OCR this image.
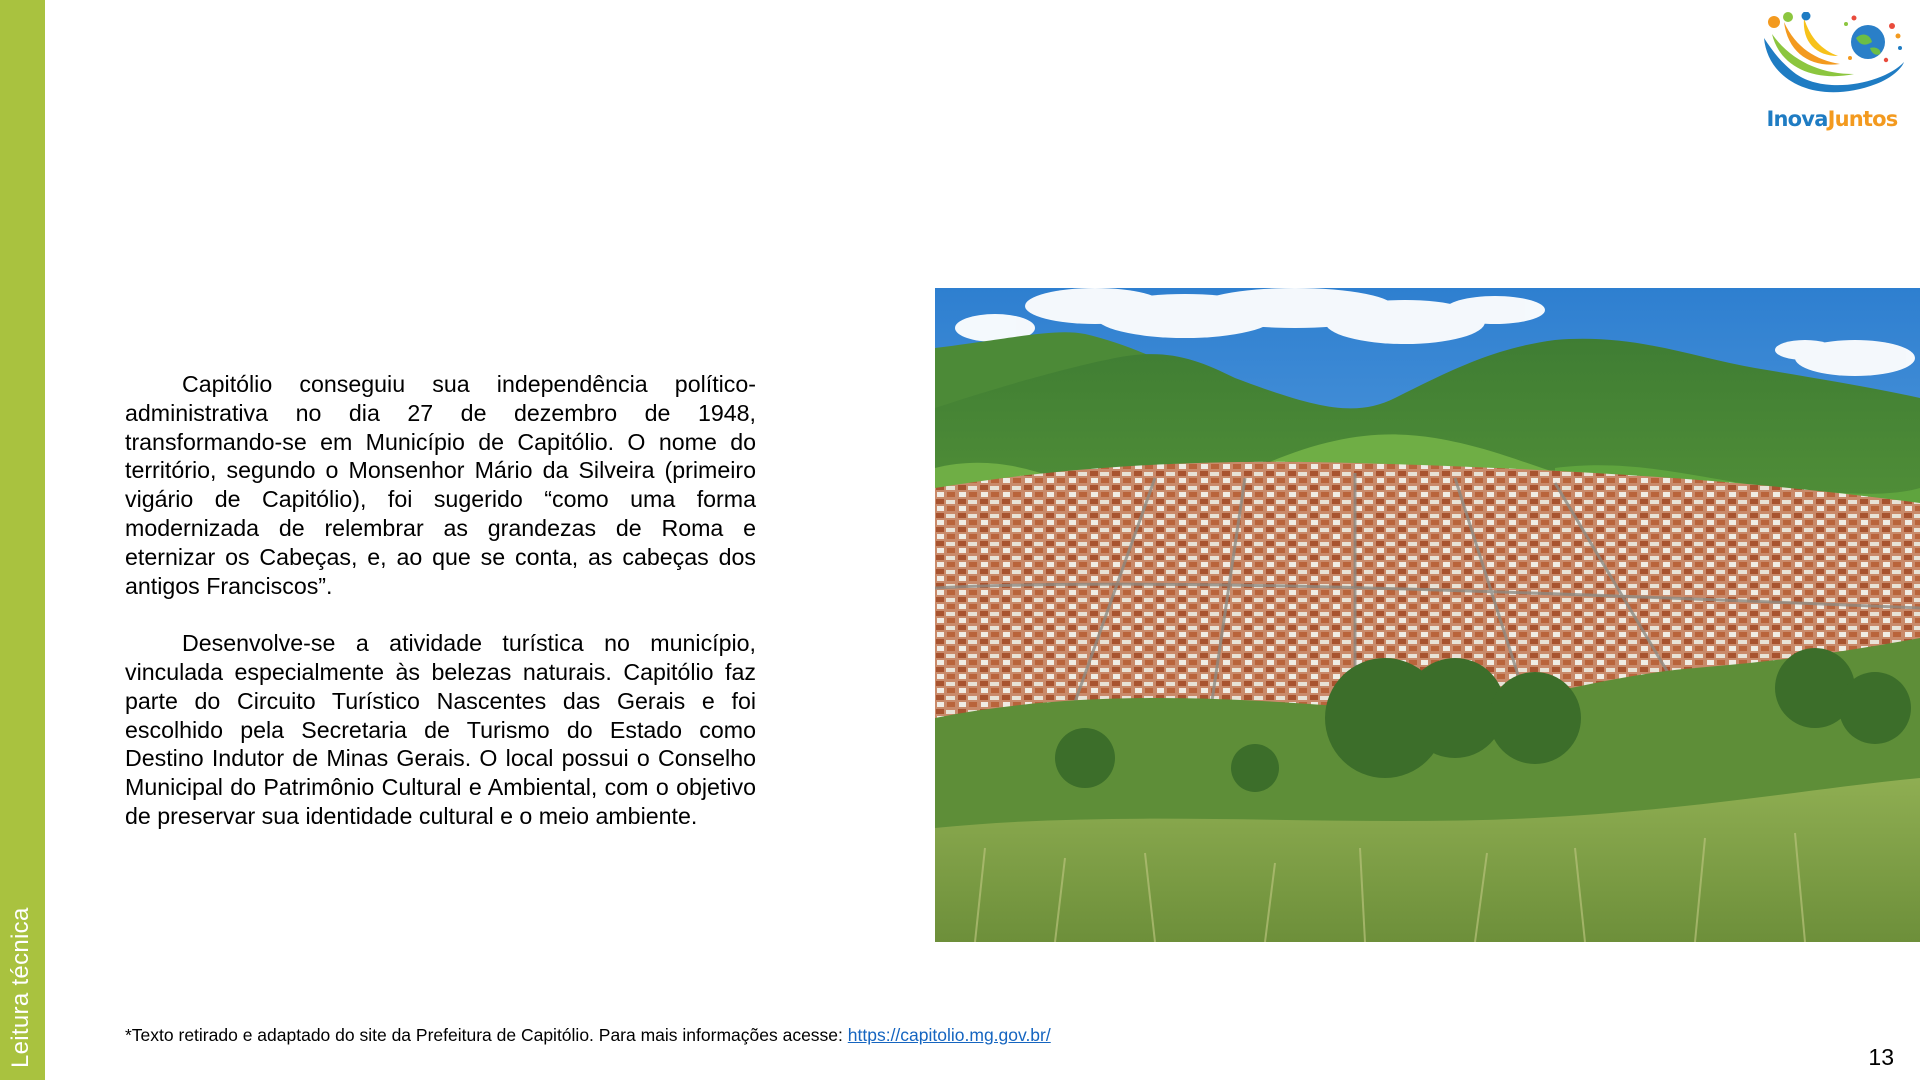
Leitura técnica
InovaJuntos

Capitólio conseguiu sua independência político-administrativa no dia 27 de dezembro de 1948, transformando-se em Município de Capitólio. O nome do território, segundo o Monsenhor Mário da Silveira (primeiro vigário de Capitólio), foi sugerido “como uma forma modernizada de relembrar as grandezas de Roma e eternizar os Cabeças, e, ao que se conta, as cabeças dos antigos Franciscos”.

Desenvolve-se a atividade turística no município, vinculada especialmente às belezas naturais. Capitólio faz parte do Circuito Turístico Nascentes das Gerais e foi escolhido pela Secretaria de Turismo do Estado como Destino Indutor de Minas Gerais. O local possui o Conselho Municipal do Patrimônio Cultural e Ambiental, com o objetivo de preservar sua identidade cultural e o meio ambiente.

*Texto retirado e adaptado do site da Prefeitura de Capitólio. Para mais informações acesse: https://capitolio.mg.gov.br/
13
